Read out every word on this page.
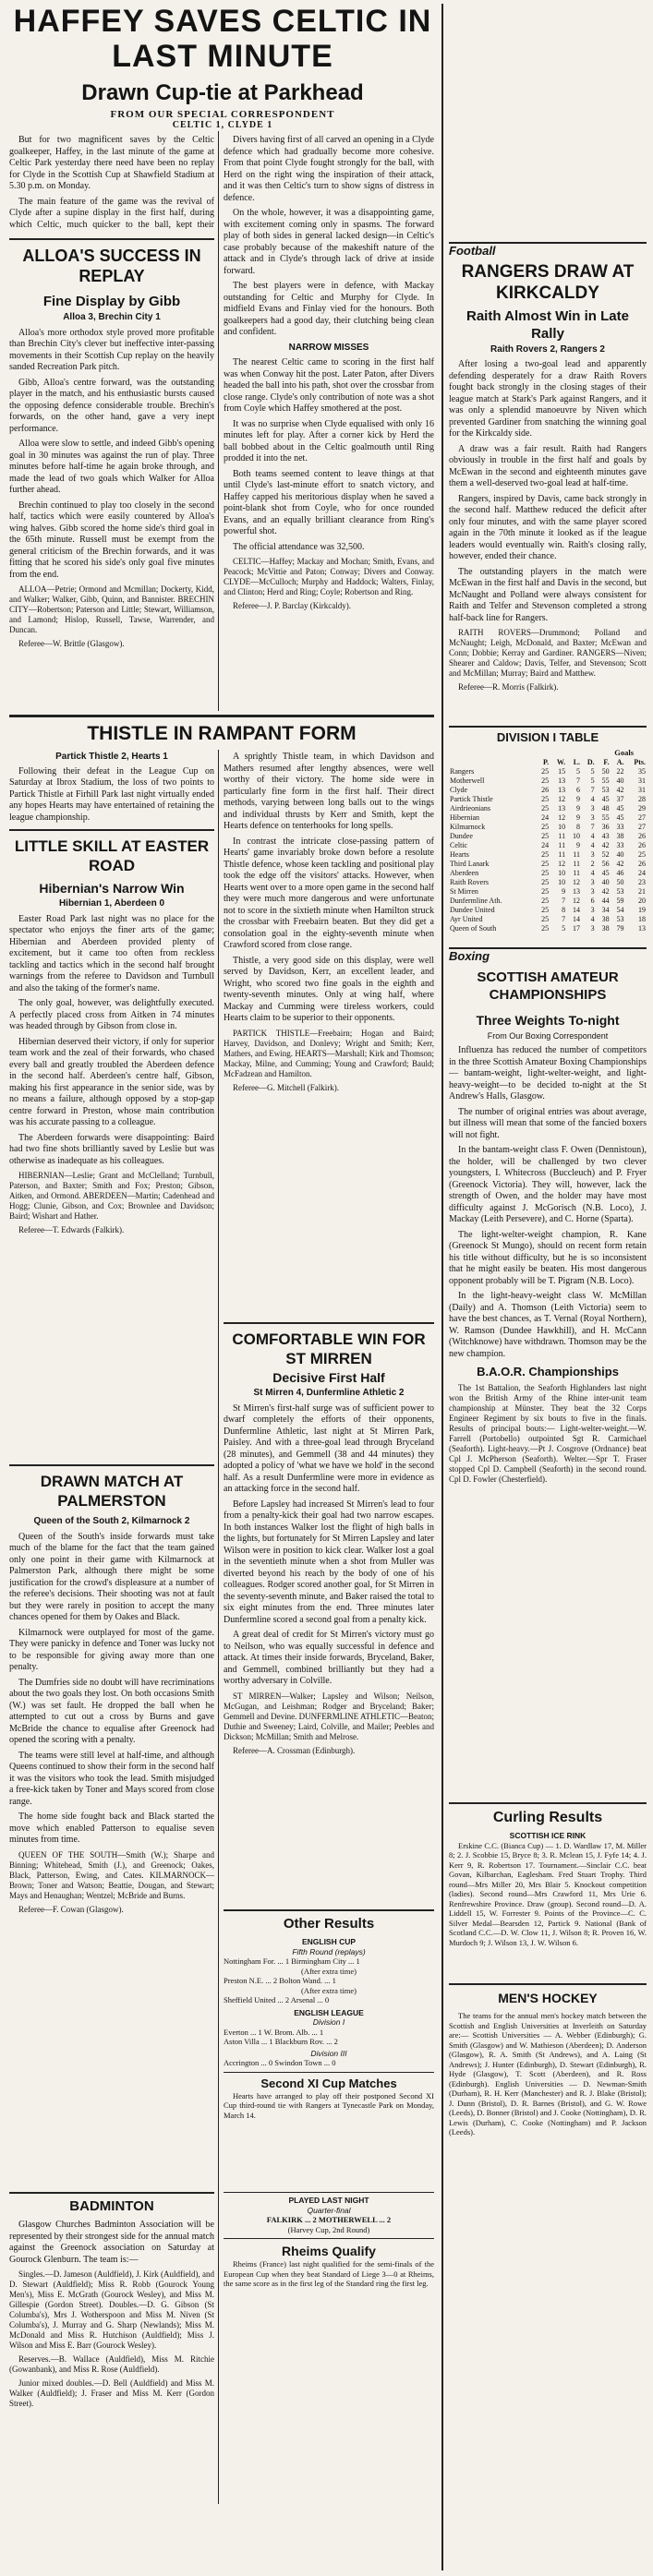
HAFFEY SAVES CELTIC IN LAST MINUTE
Drawn Cup-tie at Parkhead
FROM OUR SPECIAL CORRESPONDENT
CELTIC 1, CLYDE 1

But for two magnificent saves by the Celtic goalkeeper, Haffey, in the last minute of the game at Celtic Park yesterday there need have been no replay for Clyde in the Scottish Cup at Shawfield Stadium at 5.30 p.m. on Monday.

The main feature of the game was the revival of Clyde after a supine display in the first half, during which Celtic, much quicker to the ball, kept their

Divers having first of all carved an opening in a Clyde defence which had gradually become more cohesive. From that point Clyde fought strongly for the ball, with Herd on the right wing the inspiration of their attack, and it was then Celtic's turn to show signs of distress in defence.

On the whole, however, it was a disappointing game, with excitement coming only in spasms. The forward play of both sides in general lacked design—in Celtic's case probably because of the makeshift nature of the attack and in Clyde's through lack of drive at inside forward.

The best players were in defence, with Mackay outstanding for Celtic and Murphy for Clyde. In midfield Evans and Finlay vied for the honours. Both goalkeepers had a good day, their clutching being clean and confident.

NARROW MISSES

The nearest Celtic came to scoring in the first half was when Conway hit the post. Later Paton, after Divers headed the ball into his path, shot over the crossbar from close range. Clyde's only contribution of note was a shot from Coyle which Haffey smothered at the post.

It was no surprise when Clyde equalised with only 16 minutes left for play. After a corner kick by Herd the ball bobbed about in the Celtic goalmouth until Ring prodded it into the net.

Both teams seemed content to leave things at that until Clyde's last-minute effort to snatch victory, and Haffey capped his meritorious display when he saved a point-blank shot from Coyle, who for once rounded Evans, and an equally brilliant clearance from Ring's powerful shot.

The official attendance was 32,500.

CELTIC—Haffey; Mackay and Mochan; Smith, Evans, and Peacock; McVittie and Paton; Conway; Divers and Conway. CLYDE—McCulloch; Murphy and Haddock; Walters, Finlay, and Clinton; Herd and Ring; Coyle; Robertson and Ring.

Referee—J. P. Barclay (Kirkcaldy).

ALLOA'S SUCCESS IN REPLAY
Fine Display by Gibb
Alloa 3, Brechin City 1

Alloa's more orthodox style proved more profitable than Brechin City's clever but ineffective inter-passing movements in their Scottish Cup replay on the heavily sanded Recreation Park pitch.

Gibb, Alloa's centre forward, was the outstanding player in the match, and his enthusiastic bursts caused the opposing defence considerable trouble. Brechin's forwards, on the other hand, gave a very inept performance.

Alloa were slow to settle, and indeed Gibb's opening goal in 30 minutes was against the run of play. Three minutes before half-time he again broke through, and made the lead of two goals which Walker for Alloa further ahead.

Brechin continued to play too closely in the second half, tactics which were easily countered by Alloa's wing halves. Gibb scored the home side's third goal in the 65th minute. Russell must be exempt from the general criticism of the Brechin forwards, and it was fitting that he scored his side's only goal five minutes from the end.

ALLOA—Petrie; Ormond and Mcmillan; Dockerty, Kidd, and Walker; Walker, Gibb, Quinn, and Bannister. BRECHIN CITY—Robertson; Paterson and Little; Stewart, Williamson, and Lamond; Hislop, Russell, Tawse, Warrender, and Duncan.

Referee—W. Brittle (Glasgow).

THISTLE IN RAMPANT FORM
Partick Thistle 2, Hearts 1

Following their defeat in the League Cup on Saturday at Ibrox Stadium, the loss of two points to Partick Thistle at Firhill Park last night virtually ended any hopes Hearts may have entertained of retaining the league championship.

A sprightly Thistle team, in which Davidson and Mathers resumed after lengthy absences, were well worthy of their victory. The home side were in particularly fine form in the first half. Their direct methods, varying between long balls out to the wings and individual thrusts by Kerr and Smith, kept the Hearts defence on tenterhooks for long spells.

In contrast the intricate close-passing pattern of Hearts' game invariably broke down before a resolute Thistle defence, whose keen tackling and positional play took the edge off the visitors' attacks. However, when Hearts went over to a more open game in the second half they were much more dangerous and were unfortunate not to score in the sixtieth minute when Hamilton struck the crossbar with Freebairn beaten. But they did get a consolation goal in the eighty-seventh minute when Crawford scored from close range.

Thistle, a very good side on this display, were well served by Davidson, Kerr, an excellent leader, and Wright, who scored two fine goals in the eighth and twenty-seventh minutes. Only at wing half, where Mackay and Cumming were tireless workers, could Hearts claim to be superior to their opponents.

PARTICK THISTLE—Freebairn; Hogan and Baird; Harvey, Davidson, and Donlevy; Wright and Smith; Kerr, Mathers, and Ewing. HEARTS—Marshall; Kirk and Thomson; Mackay, Milne, and Cumming; Young and Crawford; Bauld; McFadzean and Hamilton.

Referee—G. Mitchell (Falkirk).

LITTLE SKILL AT EASTER ROAD
Hibernian's Narrow Win
Hibernian 1, Aberdeen 0

Easter Road Park last night was no place for the spectator who enjoys the finer arts of the game; Hibernian and Aberdeen provided plenty of excitement, but it came too often from reckless tackling and tactics which in the second half brought warnings from the referee to Davidson and Turnbull and also the taking of the former's name.

The only goal, however, was delightfully executed. A perfectly placed cross from Aitken in 74 minutes was headed through by Gibson from close in.

Hibernian deserved their victory, if only for superior team work and the zeal of their forwards, who chased every ball and greatly troubled the Aberdeen defence in the second half. Aberdeen's centre half, Gibson, making his first appearance in the senior side, was by no means a failure, although opposed by a stop-gap centre forward in Preston, whose main contribution was his accurate passing to a colleague.

The Aberdeen forwards were disappointing: Baird had two fine shots brilliantly saved by Leslie but was otherwise as inadequate as his colleagues.

HIBERNIAN—Leslie; Grant and McClelland; Turnbull, Paterson, and Baxter; Smith and Fox; Preston; Gibson, Aitken, and Ormond. ABERDEEN—Martin; Cadenhead and Hogg; Clunie, Gibson, and Cox; Brownlee and Davidson; Baird; Wishart and Hather.

Referee—T. Edwards (Falkirk).

DRAWN MATCH AT PALMERSTON
Queen of the South 2, Kilmarnock 2

Queen of the South's inside forwards must take much of the blame for the fact that the team gained only one point in their game with Kilmarnock at Palmerston Park, although there might be some justification for the crowd's displeasure at a number of the referee's decisions. Their shooting was not at fault but they were rarely in position to accept the many chances opened for them by Oakes and Black.

Kilmarnock were outplayed for most of the game. They were panicky in defence and Toner was lucky not to be responsible for giving away more than one penalty.

The Dumfries side no doubt will have recriminations about the two goals they lost. On both occasions Smith (W.) was set fault. He dropped the ball when he attempted to cut out a cross by Burns and gave McBride the chance to equalise after Greenock had opened the scoring with a penalty.

The teams were still level at half-time, and although Queens continued to show their form in the second half it was the visitors who took the lead. Smith misjudged a free-kick taken by Toner and Mays scored from close range.

The home side fought back and Black started the move which enabled Patterson to equalise seven minutes from time.

QUEEN OF THE SOUTH—Smith (W.); Sharpe and Binning; Whitehead, Smith (J.), and Greenock; Oakes, Black, Patterson, Ewing, and Cates. KILMARNOCK—Brown; Toner and Watson; Beattie, Dougan, and Stewart; Mays and Henaughan; Wentzel; McBride and Burns.

Referee—F. Cowan (Glasgow).

BADMINTON

Glasgow Churches Badminton Association will be represented by their strongest side for the annual match against the Greenock association on Saturday at Gourock Glenburn. The team is:—

Singles.—D. Jameson (Auldfield), J. Kirk (Auldfield), and D. Stewart (Auldfield); Miss R. Robb (Gourock Young Men's), Miss E. McGrath (Gourock Wesley), and Miss M. Gillespie (Gordon Street). Doubles.—D. G. Gibson (St Columba's), Mrs J. Wotherspoon and Miss M. Niven (St Columba's), J. Murray and G. Sharp (Newlands); Miss M. McDonald and Miss R. Hutchison (Auldfield); Miss J. Wilson and Miss E. Barr (Gourock Wesley).

Reserves.—B. Wallace (Auldfield), Miss M. Ritchie (Gowanbank), and Miss R. Rose (Auldfield).

Junior mixed doubles.—D. Bell (Auldfield) and Miss M. Walker (Auldfield); J. Fraser and Miss M. Kerr (Gordon Street).

COMFORTABLE WIN FOR ST MIRREN
Decisive First Half
St Mirren 4, Dunfermline Athletic 2

St Mirren's first-half surge was of sufficient power to dwarf completely the efforts of their opponents, Dunfermline Athletic, last night at St Mirren Park, Paisley. And with a three-goal lead through Bryceland (28 minutes), and Gemmell (38 and 44 minutes) they adopted a policy of 'what we have we hold' in the second half. As a result Dunfermline were more in evidence as an attacking force in the second half.

Before Lapsley had increased St Mirren's lead to four from a penalty-kick their goal had two narrow escapes. In both instances Walker lost the flight of high balls in the lights, but fortunately for St Mirren Lapsley and later Wilson were in position to kick clear. Walker lost a goal in the seventieth minute when a shot from Muller was diverted beyond his reach by the body of one of his colleagues. Rodger scored another goal, for St Mirren in the seventy-seventh minute, and Baker raised the total to six eight minutes from the end. Three minutes later Dunfermline scored a second goal from a penalty kick.

A great deal of credit for St Mirren's victory must go to Neilson, who was equally successful in defence and attack. At times their inside forwards, Bryceland, Baker, and Gemmell, combined brilliantly but they had a worthy adversary in Colville.

ST MIRREN—Walker; Lapsley and Wilson; Neilson, McGugan, and Leishman; Rodger and Bryceland; Baker; Gemmell and Devine. DUNFERMLINE ATHLETIC—Beaton; Duthie and Sweeney; Laird, Colville, and Mailer; Peebles and Dickson; McMillan; Smith and Melrose.

Referee—A. Crossman (Edinburgh).

Other Results
ENGLISH CUP
Fifth Round (replays)
Nottingham For. ... 1 Birmingham City ... 1
(After extra time)
Preston N.E. ... 2 Bolton Wand. ... 1
(After extra time)
Sheffield United ... 2 Arsenal ... 0
ENGLISH LEAGUE
Division I
Everton ... 1 W. Brom. Alb. ... 1
Aston Villa ... 1 Blackburn Rov. ... 2
Division III
Accrington ... 0 Swindon Town ... 0
Second XI Cup Matches

Hearts have arranged to play off their postponed Second XI Cup third-round tie with Rangers at Tynecastle Park on Monday, March 14.

PLAYED LAST NIGHT
Quarter-final
FALKIRK ... 2 MOTHERWELL ... 2
(Harvey Cup, 2nd Round)
Rheims Qualify

Rheims (France) last night qualified for the semi-finals of the European Cup when they beat Standard of Liege 3—0 at Rheims, the same score as in the first leg of the Standard ring the first leg.

Football
RANGERS DRAW AT KIRKCALDY
Raith Almost Win in Late Rally
Raith Rovers 2, Rangers 2

After losing a two-goal lead and apparently defending desperately for a draw Raith Rovers fought back strongly in the closing stages of their league match at Stark's Park against Rangers, and it was only a splendid manoeuvre by Niven which prevented Gardiner from snatching the winning goal for the Kirkcaldy side.

A draw was a fair result. Raith had Rangers obviously in trouble in the first half and goals by McEwan in the second and eighteenth minutes gave them a well-deserved two-goal lead at half-time.

Rangers, inspired by Davis, came back strongly in the second half. Matthew reduced the deficit after only four minutes, and with the same player scored again in the 70th minute it looked as if the league leaders would eventually win. Raith's closing rally, however, ended their chance.

The outstanding players in the match were McEwan in the first half and Davis in the second, but McNaught and Polland were always consistent for Raith and Telfer and Stevenson completed a strong half-back line for Rangers.

RAITH ROVERS—Drummond; Polland and McNaught; Leigh, McDonald, and Baxter; McEwan and Conn; Dobbie; Kerray and Gardiner. RANGERS—Niven; Shearer and Caldow; Davis, Telfer, and Stevenson; Scott and McMillan; Murray; Baird and Matthew.

Referee—R. Morris (Falkirk).

DIVISION I TABLE
Goals
	P.	W.	L.	D.	F.	A.	Pts.
Rangers	25	15	5	5	50	22	35
Motherwell	25	13	7	5	55	40	31
Clyde	26	13	6	7	53	42	31
Partick Thistle	25	12	9	4	45	37	28
Airdrieonians	25	13	9	3	48	45	29
Hibernian	24	12	9	3	55	45	27
Kilmarnock	25	10	8	7	36	33	27
Dundee	25	11	10	4	43	38	26
Celtic	24	11	9	4	42	33	26
Hearts	25	11	11	3	52	40	25
Third Lanark	25	12	11	2	56	42	26
Aberdeen	25	10	11	4	45	46	24
Raith Rovers	25	10	12	3	40	50	23
St Mirren	25	9	13	3	42	53	21
Dunfermline Ath.	25	7	12	6	44	59	20
Dundee United	25	8	14	3	34	54	19
Ayr United	25	7	14	4	38	53	18
Queen of South	25	5	17	3	38	79	13
Boxing
SCOTTISH AMATEUR CHAMPIONSHIPS
Three Weights To-night
From Our Boxing Correspondent

Influenza has reduced the number of competitors in the three Scottish Amateur Boxing Championships — bantam-weight, light-welter-weight, and light-heavy-weight—to be decided to-night at the St Andrew's Halls, Glasgow.

The number of original entries was about average, but illness will mean that some of the fancied boxers will not fight.

In the bantam-weight class F. Owen (Dennistoun), the holder, will be challenged by two clever youngsters, I. Whitecross (Buccleuch) and P. Fryer (Greenock Victoria). They will, however, lack the strength of Owen, and the holder may have most difficulty against J. McGorisch (N.B. Loco), J. Mackay (Leith Persevere), and C. Horne (Sparta).

The light-welter-weight champion, R. Kane (Greenock St Mungo), should on recent form retain his title without difficulty, but he is so inconsistent that he might easily be beaten. His most dangerous opponent probably will be T. Pigram (N.B. Loco).

In the light-heavy-weight class W. McMillan (Daily) and A. Thomson (Leith Victoria) seem to have the best chances, as T. Vernal (Royal Northern), W. Ramson (Dundee Hawkhill), and H. McCann (Witchknowe) have withdrawn. Thomson may be the new champion.

B.A.O.R. Championships

The 1st Battalion, the Seaforth Highlanders last night won the British Army of the Rhine inter-unit team championship at Münster. They beat the 32 Corps Engineer Regiment by six bouts to five in the finals. Results of principal bouts:— Light-welter-weight.—W. Farrell (Portobello) outpointed Sgt R. Carmichael (Seaforth). Light-heavy.—Pt J. Cosgrove (Ordnance) beat Cpl J. McPherson (Seaforth). Welter.—Spr T. Fraser stopped Cpl D. Campbell (Seaforth) in the second round. Cpl D. Fowler (Chesterfield).

Curling Results
SCOTTISH ICE RINK

Erskine C.C. (Bianca Cup) — 1. D. Wardlaw 17, M. Miller 8; 2. J. Scobbie 15, Bryce 8; 3. R. Mclean 15, J. Fyfe 14; 4. J. Kerr 9, R. Robertson 17. Tournament.—Sinclair C.C. beat Govan, Kilbarchan, Eaglesham. Fred Stuart Trophy. Third round—Mrs Miller 20, Mrs Blair 5. Knockout competition (ladies). Second round—Mrs Crawford 11, Mrs Urie 6. Renfrewshire Province. Draw (group). Second round—D. A. Liddell 15, W. Forrester 9. Points of the Province—C. C. Silver Medal—Bearsden 12, Partick 9. National (Bank of Scotland C.C.—D. W. Clow 11, J. Wilson 8; R. Proven 16, W. Murdoch 9; J. Wilson 13, J. W. Wilson 6.

MEN'S HOCKEY

The teams for the annual men's hockey match between the Scottish and English Universities at Inverleith on Saturday are:— Scottish Universities — A. Webber (Edinburgh); G. Smith (Glasgow) and W. Mathieson (Aberdeen); D. Anderson (Glasgow), R. A. Smith (St Andrews), and A. Laing (St Andrews); J. Hunter (Edinburgh), D. Stewart (Edinburgh), R. Hyde (Glasgow), T. Scott (Aberdeen), and R. Ross (Edinburgh). English Universities — D. Newman-Smith (Durham), R. H. Kerr (Manchester) and R. J. Blake (Bristol); J. Dunn (Bristol), D. R. Barnes (Bristol), and G. W. Rowe (Leeds), D. Bonner (Bristol) and J. Cooke (Nottingham), D. R. Lewis (Durham), C. Cooke (Nottingham) and P. Jackson (Leeds).
